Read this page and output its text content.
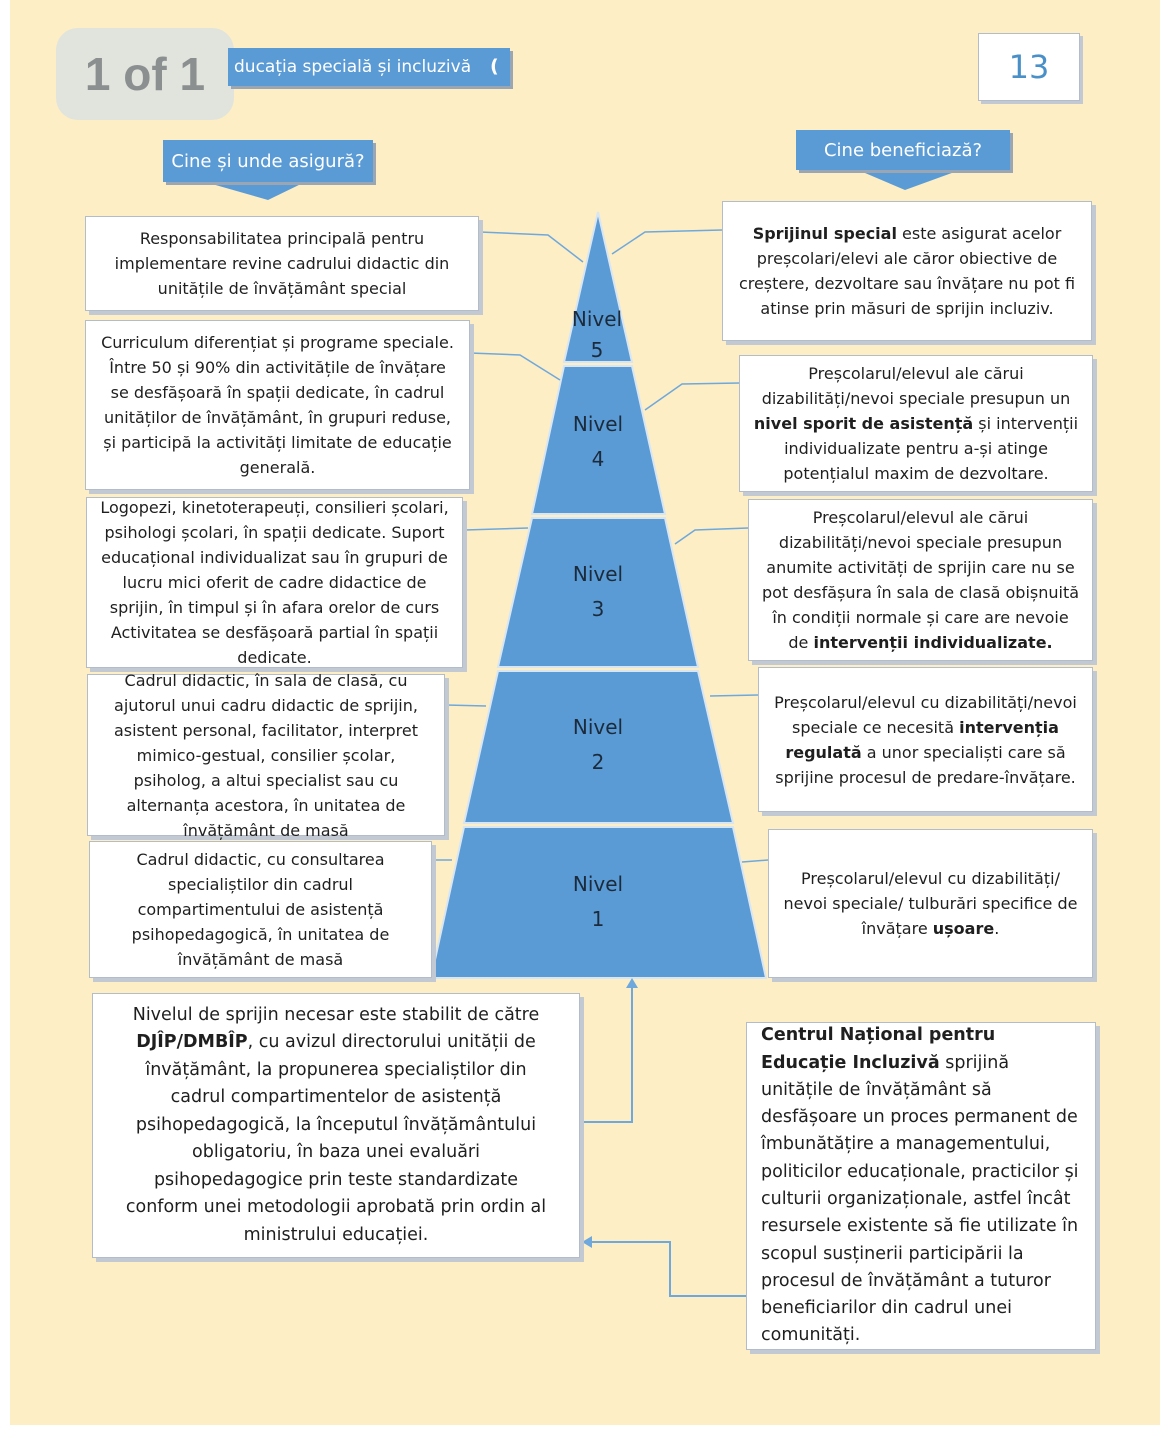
1 of 1	ducația specială și incluzivă ❪	13
Cine și unde asigură?
Cine beneficiază?
Nivel
5
Nivel
4
Nivel
3
Nivel
2
Nivel
1
Responsabilitatea principală pentru implementare revine cadrului didactic din unitățile de învățământ special
Curriculum diferențiat și programe speciale. Între 50 și 90% din activitățile de învățare se desfășoară în spații dedicate, în cadrul unităților de învățământ, în grupuri reduse, și participă la activități limitate de educație generală.
Logopezi, kinetoterapeuți, consilieri școlari, psihologi școlari, în spații dedicate. Suport educațional individualizat sau în grupuri de lucru mici oferit de cadre didactice de sprijin, în timpul și în afara orelor de curs Activitatea se desfășoară partial în spații dedicate.
Cadrul didactic, în sala de clasă, cu ajutorul unui cadru didactic de sprijin, asistent personal, facilitator, interpret mimico-gestual, consilier școlar, psiholog, a altui specialist sau cu alternanța acestora, în unitatea de învățământ de masă
Cadrul didactic, cu consultarea specialiștilor din cadrul compartimentului de asistență psihopedagogică, în unitatea de învățământ de masă
Sprijinul special este asigurat acelor preșcolari/elevi ale căror obiective de creștere, dezvoltare sau învățare nu pot fi atinse prin măsuri de sprijin incluziv.
Preșcolarul/elevul ale cărui dizabilități/nevoi speciale presupun un nivel sporit de asistență și intervenții individualizate pentru a-și atinge potențialul maxim de dezvoltare.
Preșcolarul/elevul ale cărui dizabilități/nevoi speciale presupun anumite activități de sprijin care nu se pot desfășura în sala de clasă obișnuită în condiții normale și care are nevoie de intervenții individualizate.
Preșcolarul/elevul cu dizabilități/nevoi speciale ce necesită intervenția regulată a unor specialiști care să sprijine procesul de predare-învățare.
Preșcolarul/elevul cu dizabilități/ nevoi speciale/ tulburări specifice de învățare ușoare.
Nivelul de sprijin necesar este stabilit de către DJÎP/DMBÎP, cu avizul directorului unității de învățământ, la propunerea specialiștilor din cadrul compartimentelor de asistență psihopedagogică, la începutul învățământului obligatoriu, în baza unei evaluări psihopedagogice prin teste standardizate conform unei metodologii aprobată prin ordin al ministrului educației.
Centrul Național pentru Educație Incluzivă sprijină unitățile de învățământ să desfășoare un proces permanent de îmbunătățire a managementului, politicilor educaționale, practicilor și culturii organizaționale, astfel încât resursele existente să fie utilizate în scopul susținerii participării la procesul de învățământ a tuturor beneficiarilor din cadrul unei comunități.
